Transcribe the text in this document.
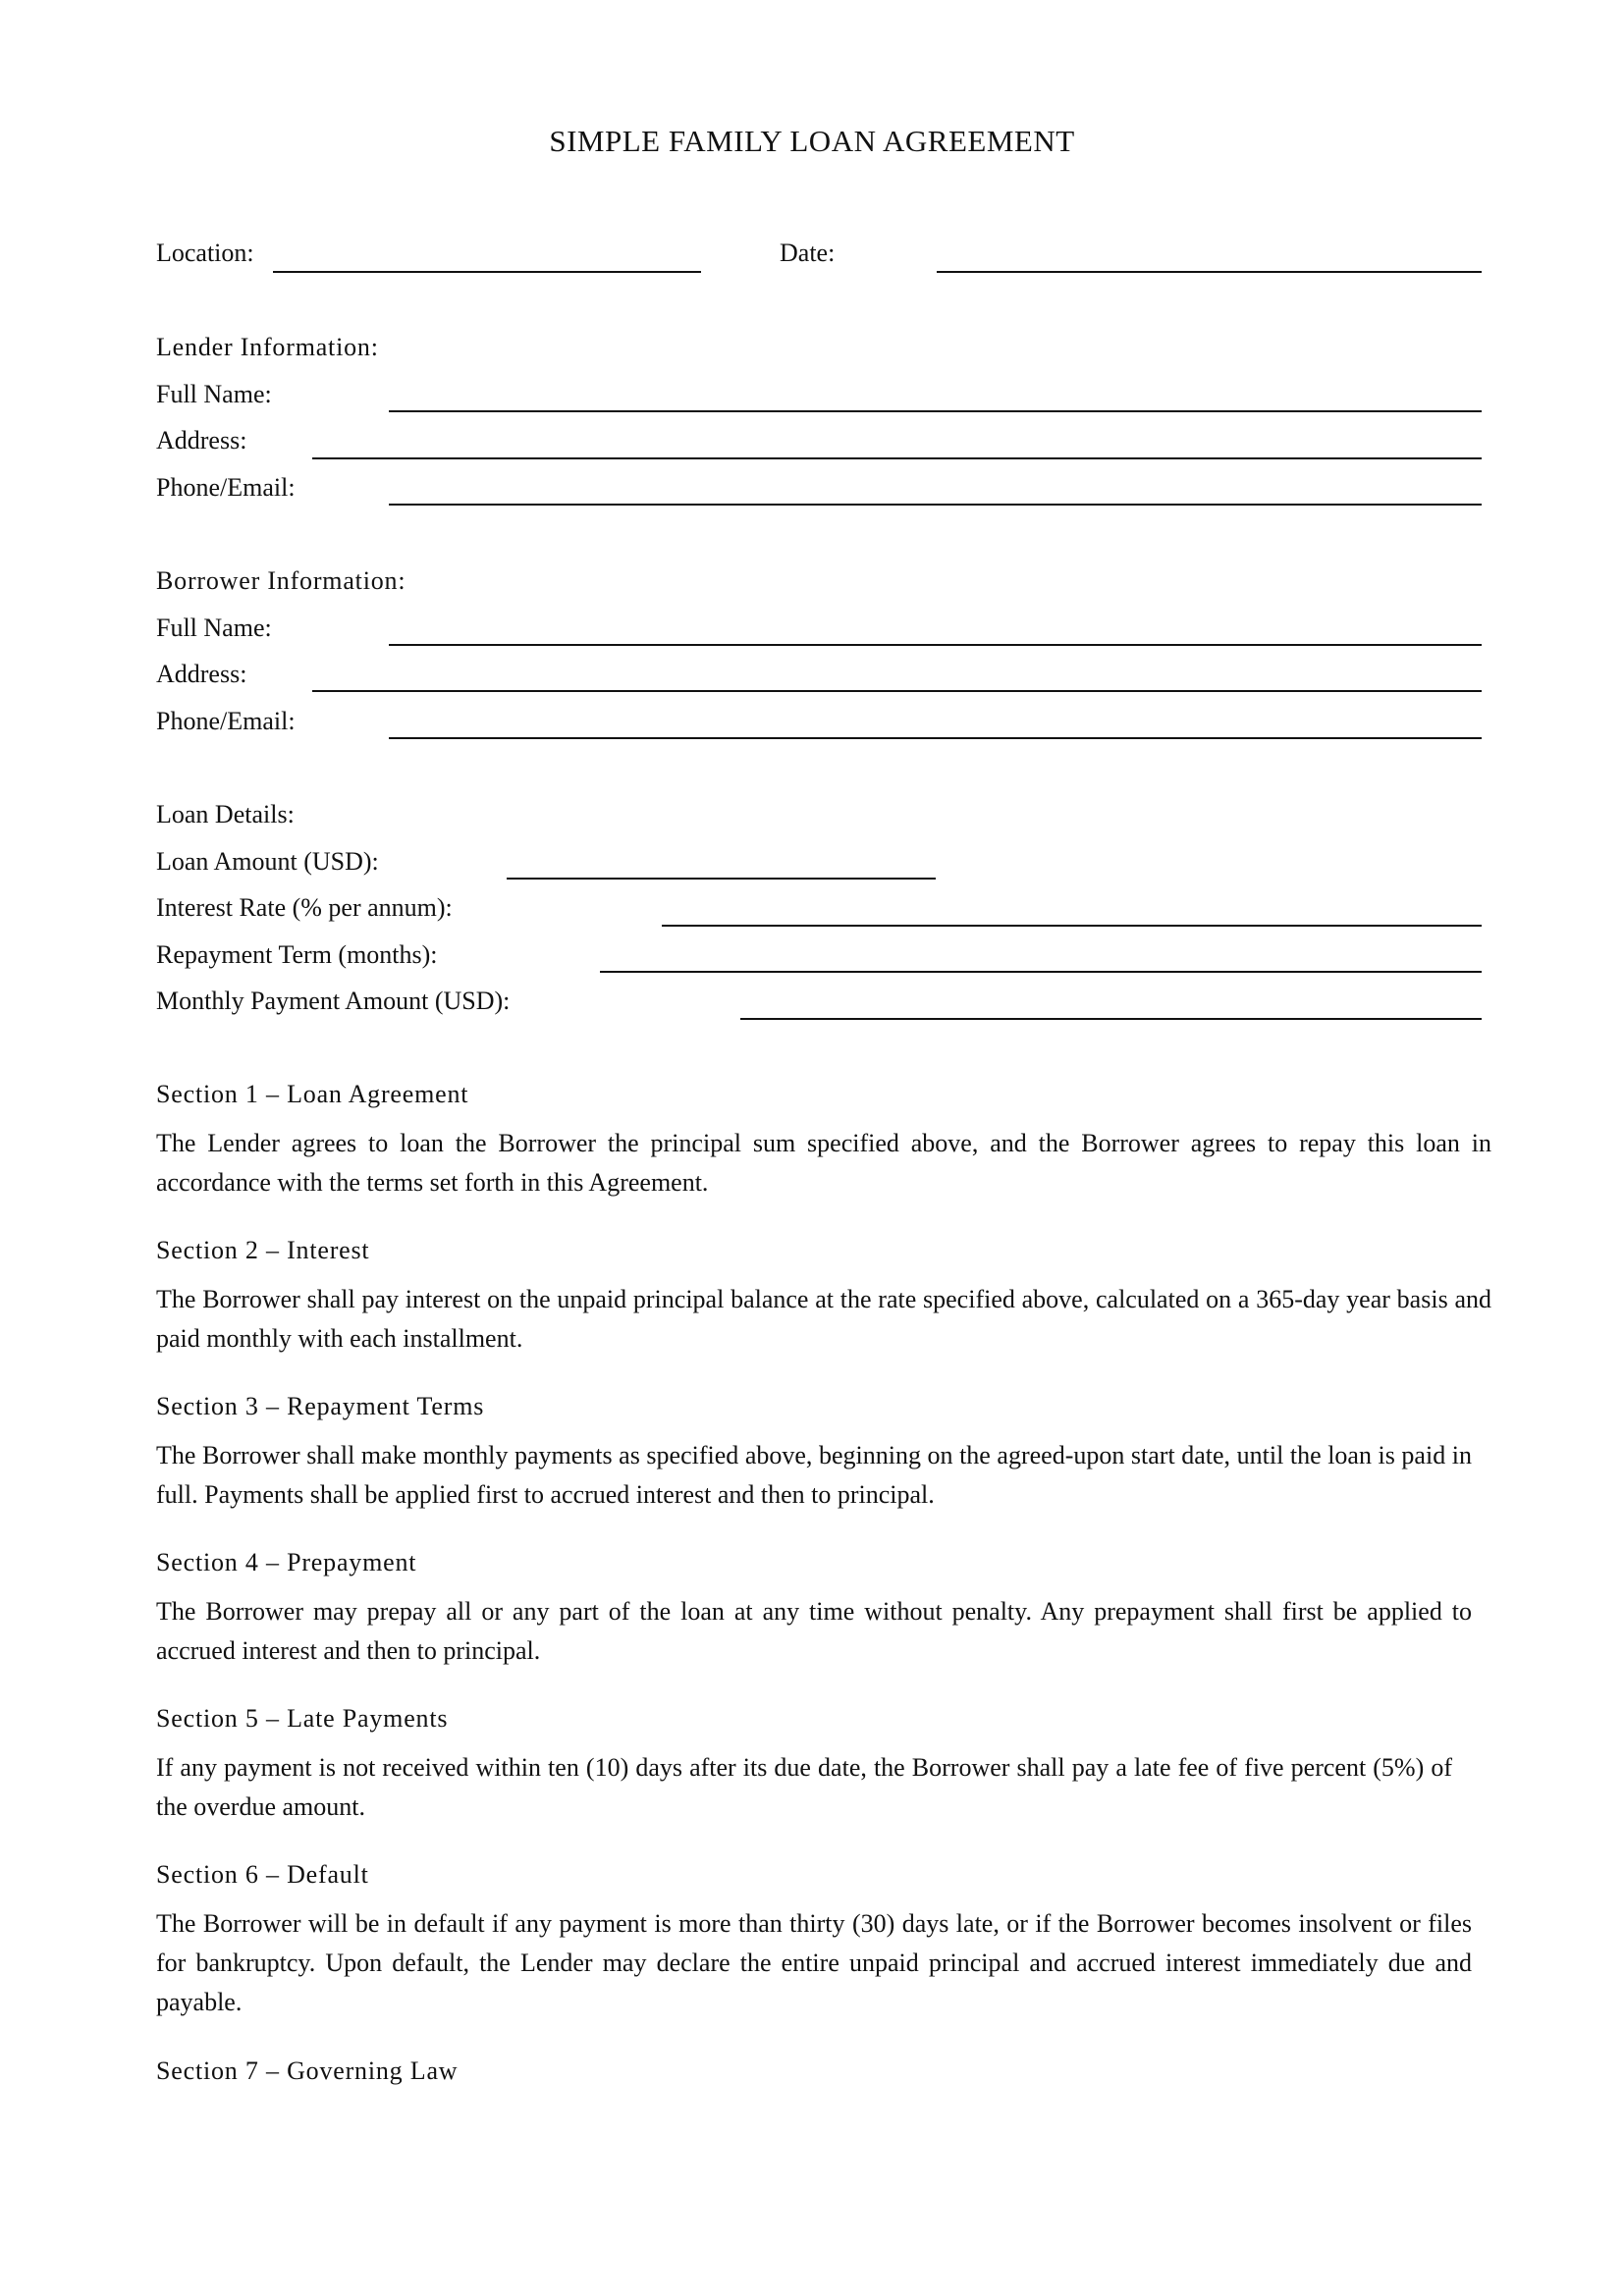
SIMPLE FAMILY LOAN AGREEMENT
Location:	Date:
Lender Information:
Full Name:
Address:
Phone/Email:
Borrower Information:
Full Name:
Address:
Phone/Email:
Loan Details:
Loan Amount (USD):
Interest Rate (% per annum):
Repayment Term (months):
Monthly Payment Amount (USD):
Section 1 – Loan Agreement
The Lender agrees to loan the Borrower the principal sum specified above, and the Borrower agrees to repay this loan in accordance with the terms set forth in this Agreement.
Section 2 – Interest
The Borrower shall pay interest on the unpaid principal balance at the rate specified above, calculated on a 365-day year basis and paid monthly with each installment.
Section 3 – Repayment Terms
The Borrower shall make monthly payments as specified above, beginning on the agreed-upon start date, until the loan is paid in full. Payments shall be applied first to accrued interest and then to principal.
Section 4 – Prepayment
The Borrower may prepay all or any part of the loan at any time without penalty. Any prepayment shall first be applied to accrued interest and then to principal.
Section 5 – Late Payments
If any payment is not received within ten (10) days after its due date, the Borrower shall pay a late fee of five percent (5%) of the overdue amount.
Section 6 – Default
The Borrower will be in default if any payment is more than thirty (30) days late, or if the Borrower becomes insolvent or files for bankruptcy. Upon default, the Lender may declare the entire unpaid principal and accrued interest immediately due and payable.
Section 7 – Governing Law
